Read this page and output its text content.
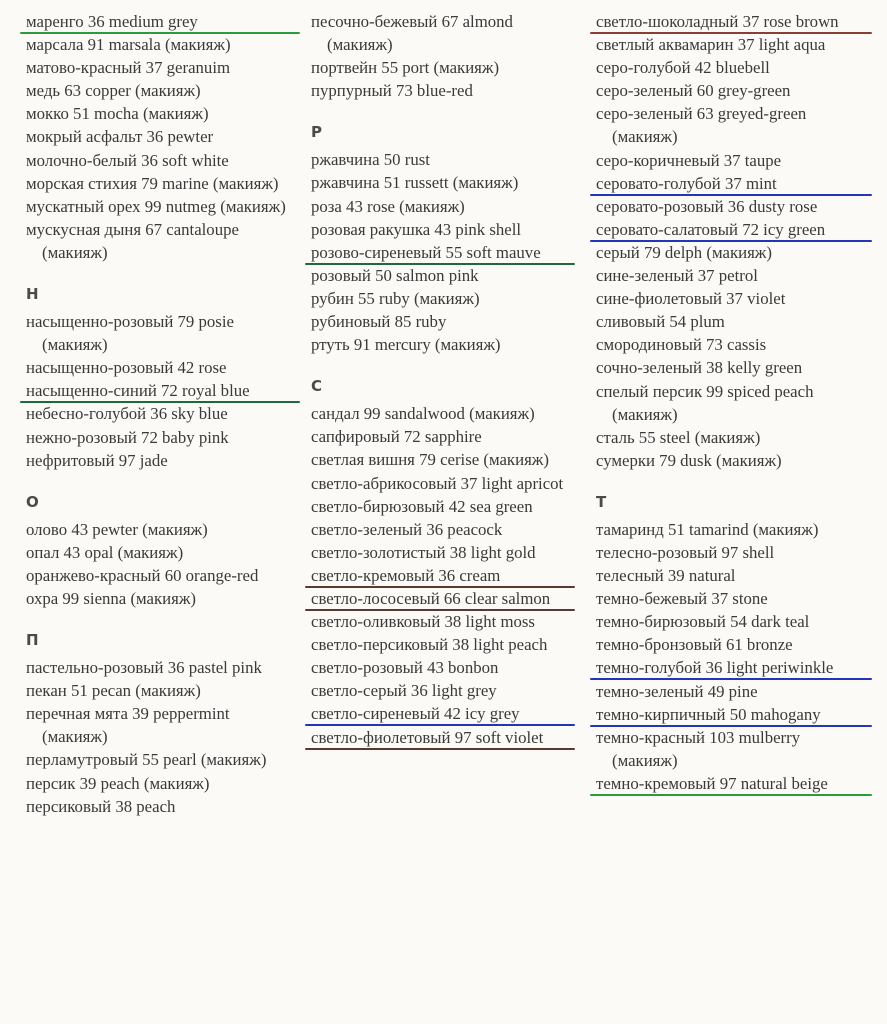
маренго 36 medium grey
марсала 91 marsala (макияж)
матово-красный 37 geranuim
медь 63 copper (макияж)
мокко 51 mocha (макияж)
мокрый асфальт 36 pewter
молочно-белый 36 soft white
морская стихия 79 marine (макияж)
мускатный орех 99 nutmeg (макияж)
мускусная дыня 67 cantaloupe (макияж)
Н
насыщенно-розовый 79 posie (макияж)
насыщенно-розовый 42 rose
насыщенно-синий 72 royal blue
небесно-голубой 36 sky blue
нежно-розовый 72 baby pink
нефритовый 97 jade
О
олово 43 pewter (макияж)
опал 43 opal (макияж)
оранжево-красный 60 orange-red
охра 99 sienna (макияж)
П
пастельно-розовый 36 pastel pink
пекан 51 pecan (макияж)
перечная мята 39 peppermint (макияж)
перламутровый 55 pearl (макияж)
персик 39 peach (макияж)
персиковый 38 peach
песочно-бежевый 67 almond (макияж)
портвейн 55 port (макияж)
пурпурный 73 blue-red
Р
ржавчина 50 rust
ржавчина 51 russett (макияж)
роза 43 rose (макияж)
розовая ракушка 43 pink shell
розово-сиреневый 55 soft mauve
розовый 50 salmon pink
рубин 55 ruby (макияж)
рубиновый 85 ruby
ртуть 91 mercury (макияж)
С
сандал 99 sandalwood (макияж)
сапфировый 72 sapphire
светлая вишня 79 cerise (макияж)
светло-абрикосовый 37 light apricot
светло-бирюзовый 42 sea green
светло-зеленый 36 peacock
светло-золотистый 38 light gold
светло-кремовый 36 cream
светло-лососевый 66 clear salmon
светло-оливковый 38 light moss
светло-персиковый 38 light peach
светло-розовый 43 bonbon
светло-серый 36 light grey
светло-сиреневый 42 icy grey
светло-фиолетовый 97 soft violet
светло-шоколадный 37 rose brown
светлый аквамарин 37 light aqua
серо-голубой 42 bluebell
серо-зеленый 60 grey-green
серо-зеленый 63 greyed-green (макияж)
серо-коричневый 37 taupe
серовато-голубой 37 mint
серовато-розовый 36 dusty rose
серовато-салатовый 72 icy green
серый 79 delph (макияж)
сине-зеленый 37 petrol
сине-фиолетовый 37 violet
сливовый 54 plum
смородиновый 73 cassis
сочно-зеленый 38 kelly green
спелый персик 99 spiced peach (макияж)
сталь 55 steel (макияж)
сумерки 79 dusk (макияж)
Т
тамаринд 51 tamarind (макияж)
телесно-розовый 97 shell
телесный 39 natural
темно-бежевый 37 stone
темно-бирюзовый 54 dark teal
темно-бронзовый 61 bronze
темно-голубой 36 light periwinkle
темно-зеленый 49 pine
темно-кирпичный 50 mahogany
темно-красный 103 mulberry (макияж)
темно-кремовый 97 natural beige
